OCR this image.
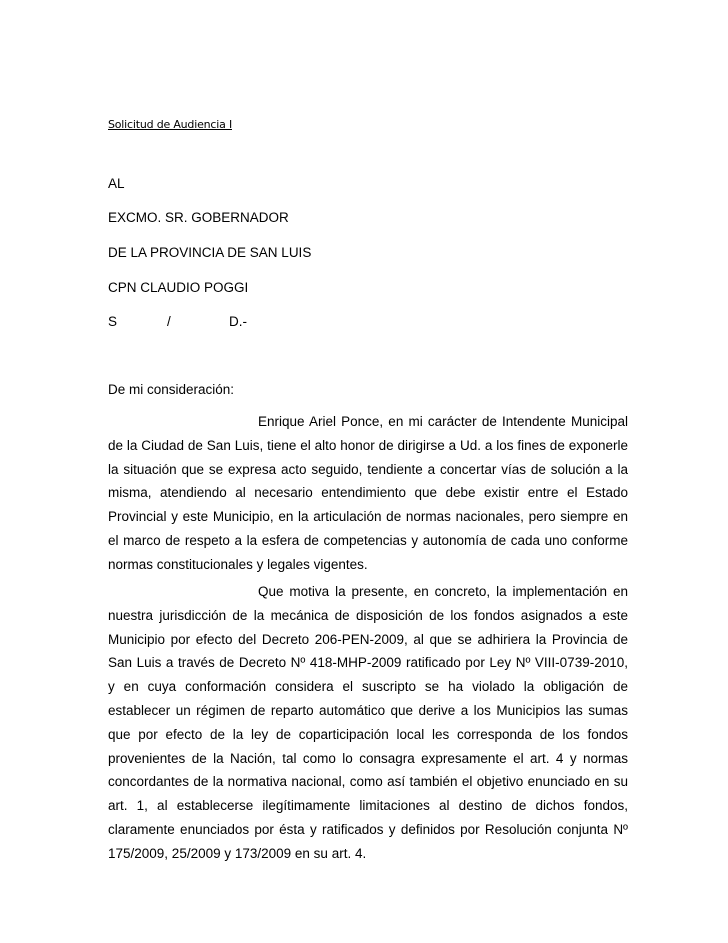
Solicitud de Audiencia I
AL
EXCMO. SR. GOBERNADOR
DE LA PROVINCIA DE SAN LUIS
CPN CLAUDIO POGGI
S	/	D.-
De mi consideración:

Enrique Ariel Ponce, en mi carácter de Intendente Municipal de la Ciudad de San Luis, tiene el alto honor de dirigirse a Ud. a los fines de exponerle la situación que se expresa acto seguido, tendiente a concertar vías de solución a la misma, atendiendo al necesario entendimiento que debe existir entre el Estado Provincial y este Municipio, en la articulación de normas nacionales, pero siempre en el marco de respeto a la esfera de competencias y autonomía de cada uno conforme normas constitucionales y legales vigentes.

Que motiva la presente, en concreto, la implementación en nuestra jurisdicción de la mecánica de disposición de los fondos asignados a este Municipio por efecto del Decreto 206-PEN-2009, al que se adhiriera la Provincia de San Luis a través de Decreto Nº 418-MHP-2009 ratificado por Ley Nº VIII-0739-2010, y en cuya conformación considera el suscripto se ha violado la obligación de establecer un régimen de reparto automático que derive a los Municipios las sumas que por efecto de la ley de coparticipación local les corresponda de los fondos provenientes de la Nación, tal como lo consagra expresamente el art. 4 y normas concordantes de la normativa nacional, como así también el objetivo enunciado en su art. 1, al establecerse ilegítimamente limitaciones al destino de dichos fondos, claramente enunciados por ésta y ratificados y definidos por Resolución conjunta Nº 175/2009, 25/2009 y 173/2009 en su art. 4.
